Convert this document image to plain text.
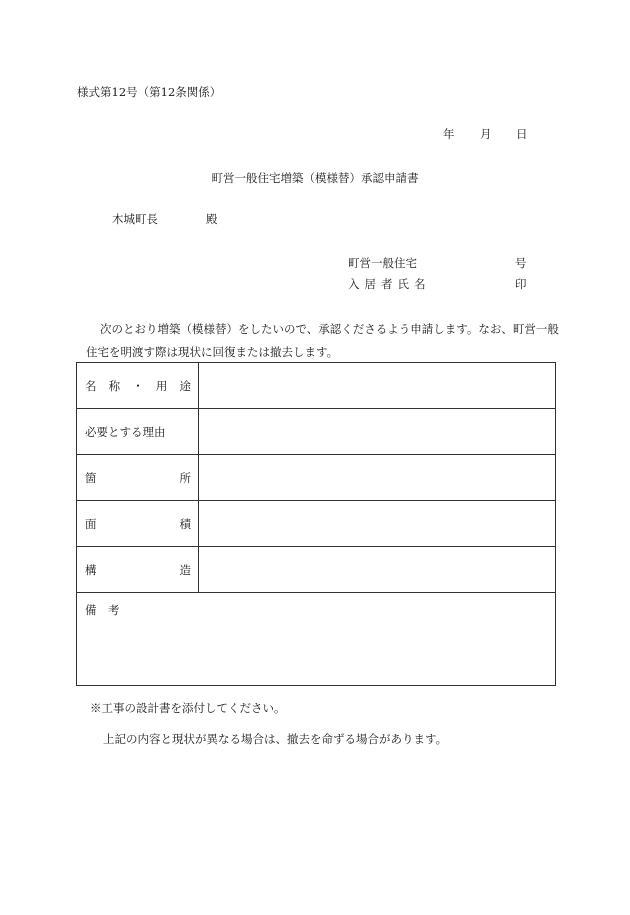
様式第12号（第12条関係）
年 月 日
町営一般住宅増築（模様替）承認申請書
木城町長	殿
町営一般住宅	号
入居者氏名	印
次のとおり増築（模様替）をしたいので、承認くださるよう申請します。なお、町営一般住宅を明渡す際は現状に回復または撤去します。
名 称 ・ 用 途	

必要とする理由	

箇 所	

面 積	

構 造	

備　考	
※工事の設計書を添付してください。
上記の内容と現状が異なる場合は、撤去を命ずる場合があります。
